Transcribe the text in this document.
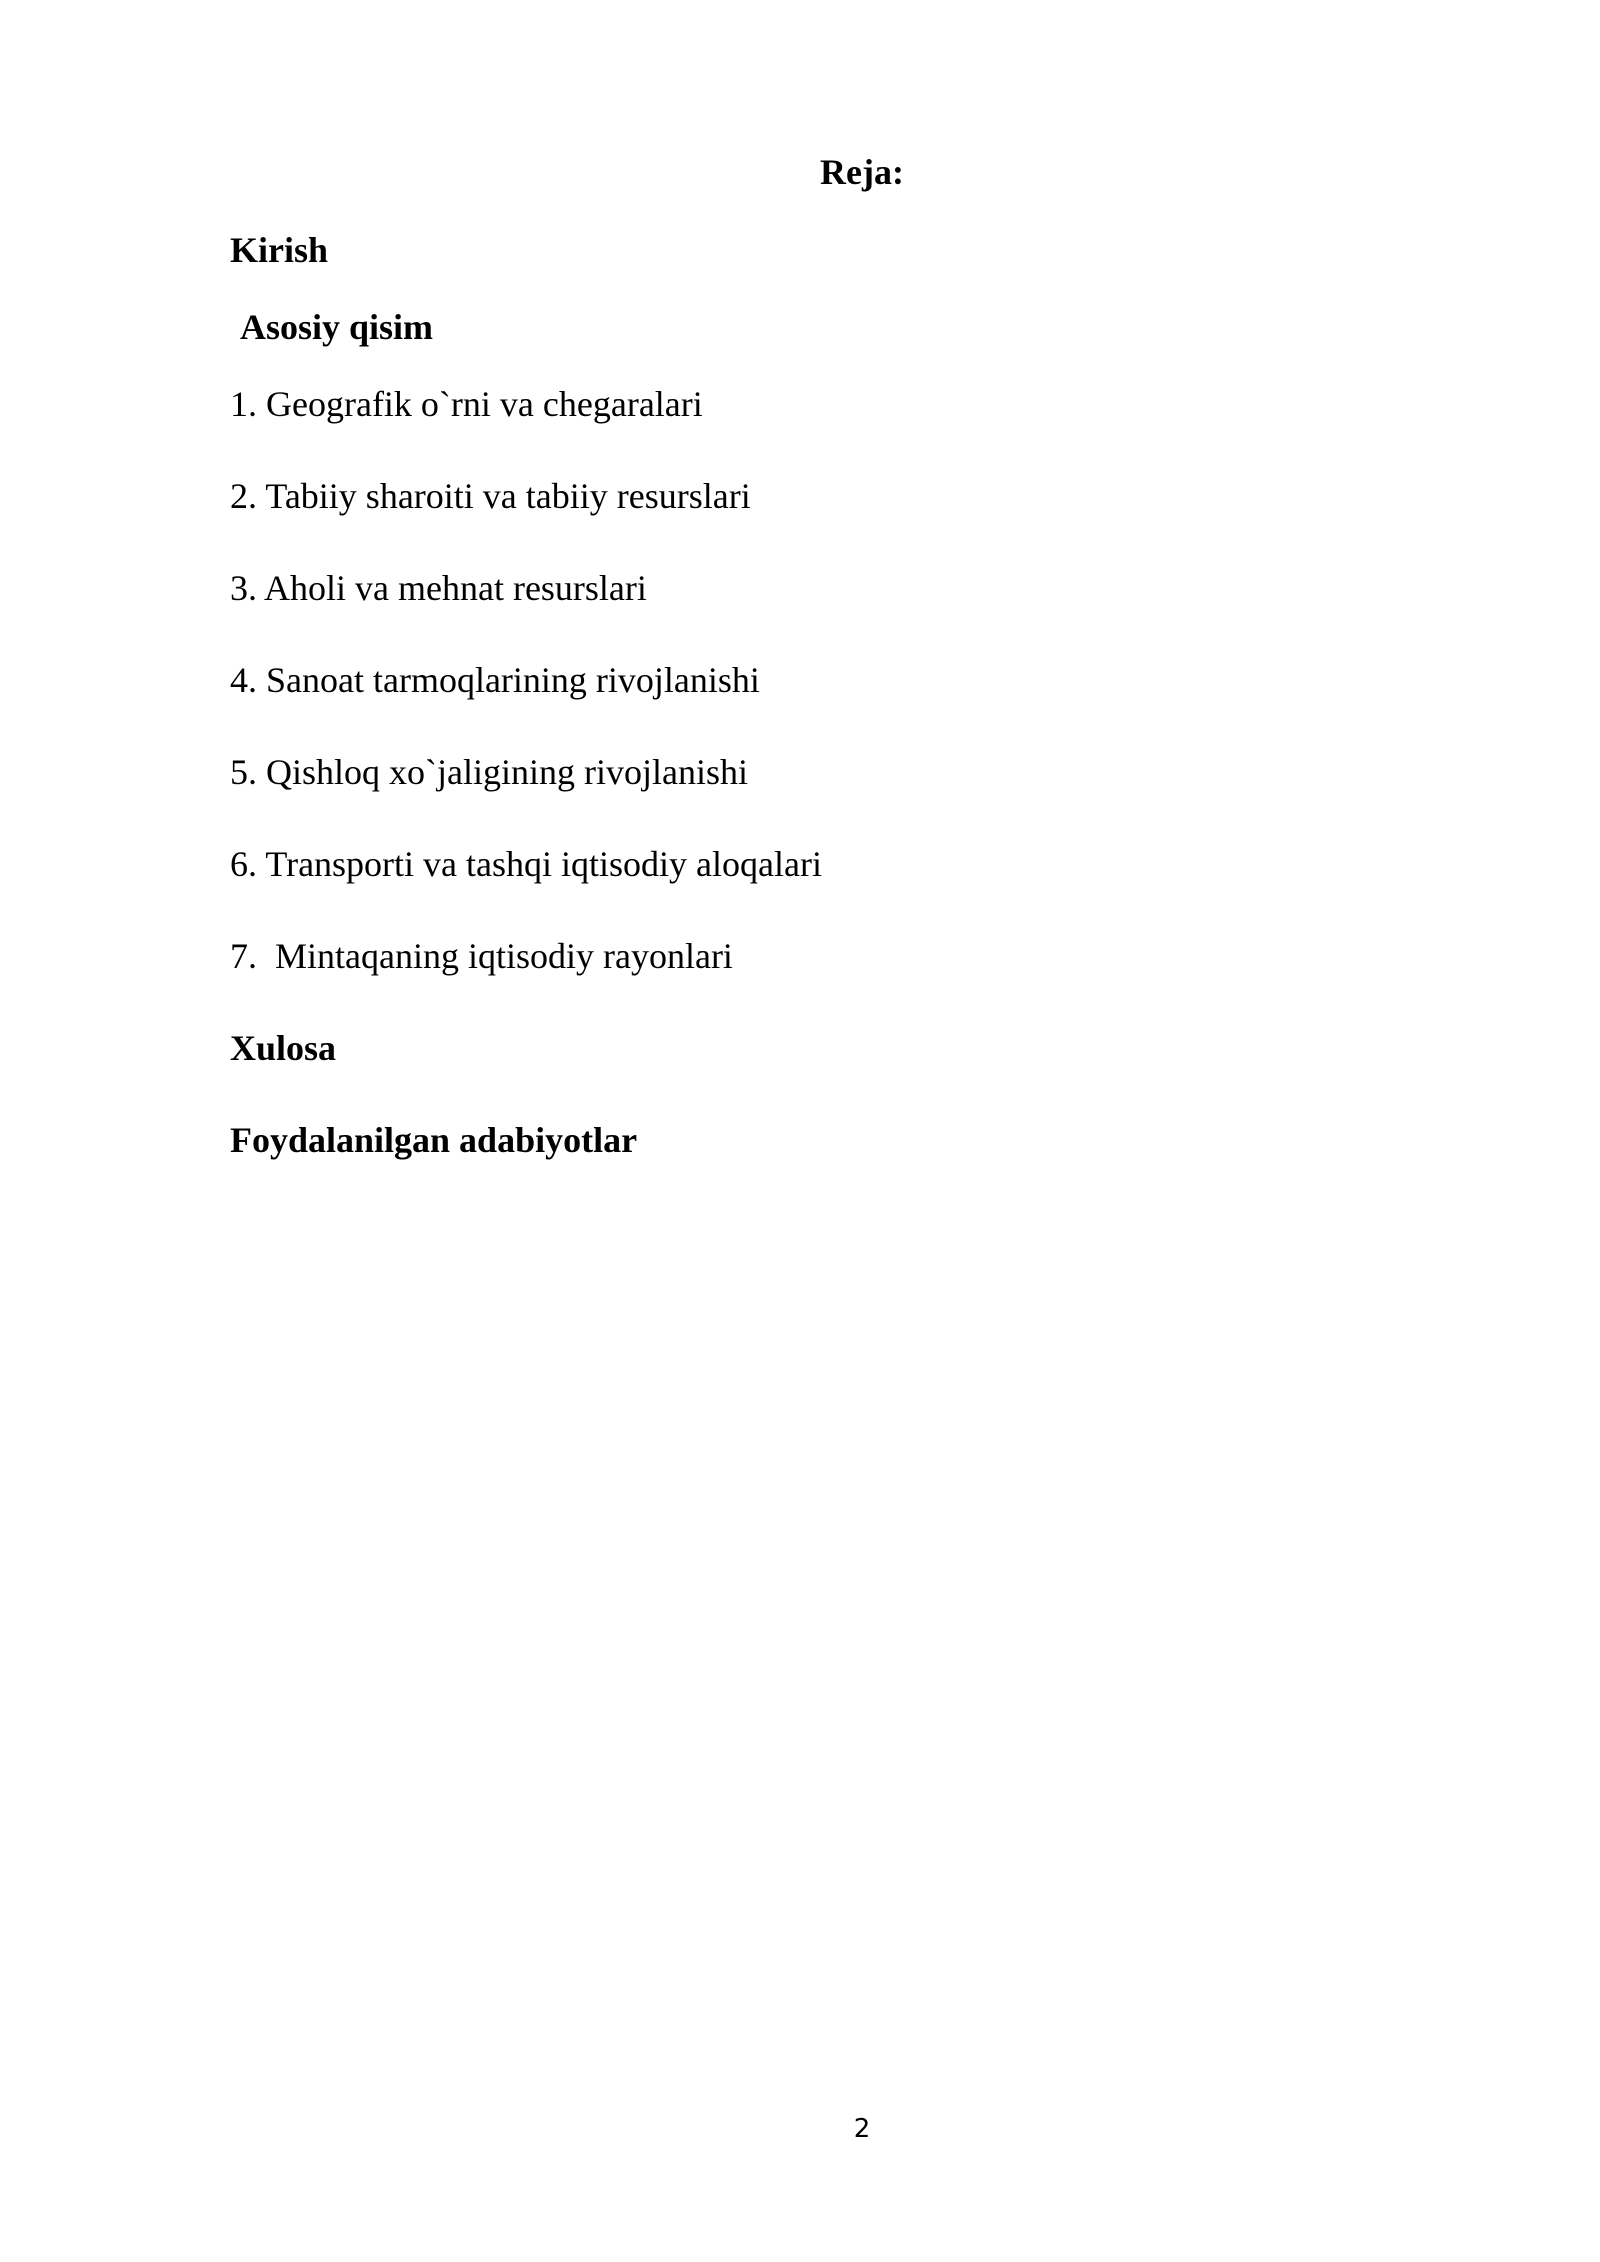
Reja:

Kirish

Asosiy qisim

1. Geografik o`rni va chegaralari
2. Tabiiy sharoiti va tabiiy resurslari
3. Aholi va mehnat resurslari
4. Sanoat tarmoqlarining rivojlanishi
5. Qishloq xo`jaligining rivojlanishi
6. Transporti va tashqi iqtisodiy aloqalari
7.  Mintaqaning iqtisodiy rayonlari

Xulosa

Foydalanilgan adabiyotlar

2
